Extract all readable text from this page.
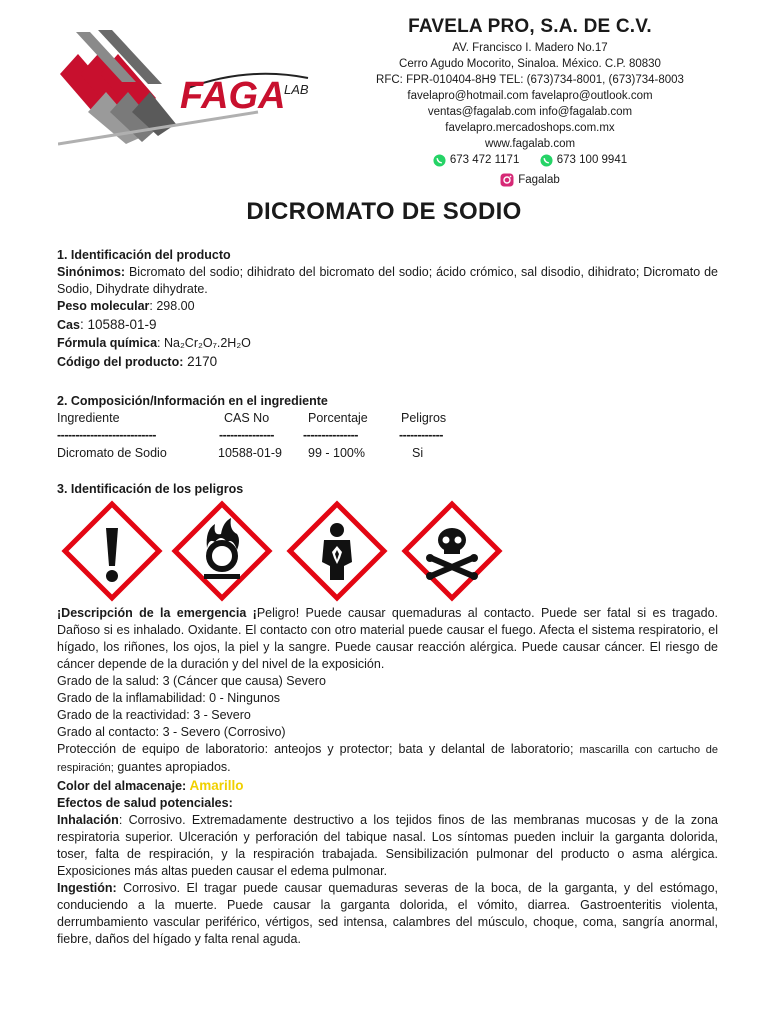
FAGA
LAB
FAVELA PRO, S.A. DE C.V.
AV. Francisco I. Madero No.17
Cerro Agudo Mocorito, Sinaloa. México. C.P. 80830
RFC: FPR-010404-8H9 TEL: (673)734-8001, (673)734-8003
favelapro@hotmail.com favelapro@outlook.com
ventas@fagalab.com info@fagalab.com
favelapro.mercadoshops.com.mx
www.fagalab.com
673 472 1171
	673 100 9941
Fagalab
DICROMATO DE SODIO
1. Identificación del producto
Sinónimos: Bicromato del sodio; dihidrato del bicromato del sodio; ácido crómico, sal disodio, dihidrato; Dicromato de Sodio, Dihydrate dihydrate.
Peso molecular: 298.00
Cas: 10588-01-9
Fórmula química: Na₂Cr₂O₇.2H₂O
Código del producto: 2170
2. Composición/Información en el ingrediente
Ingrediente	CAS No	Porcentaje	Peligros
---------------------------	--------------- ---------------	------------
Dicromato de Sodio	10588-01-9 99 - 100%	Si
3. Identificación de los peligros
¡Descripción de la emergencia ¡Peligro! Puede causar quemaduras al contacto. Puede ser fatal si es tragado. Dañoso si es inhalado. Oxidante. El contacto con otro material puede causar el fuego. Afecta el sistema respiratorio, el hígado, los riñones, los ojos, la piel y la sangre. Puede causar reacción alérgica. Puede causar cáncer. El riesgo de cáncer depende de la duración y del nivel de la exposición.
Grado de la salud: 3 (Cáncer que causa) Severo
Grado de la inflamabilidad: 0 - Ningunos
Grado de la reactividad: 3 - Severo
Grado al contacto: 3 - Severo (Corrosivo)
Protección de equipo de laboratorio: anteojos y protector; bata y delantal de laboratorio; mascarilla con cartucho de respiración; guantes apropiados.
Color del almacenaje: Amarillo
Efectos de salud potenciales:
Inhalación: Corrosivo. Extremadamente destructivo a los tejidos finos de las membranas mucosas y de la zona respiratoria superior. Ulceración y perforación del tabique nasal. Los síntomas pueden incluir la garganta dolorida, toser, falta de respiración, y la respiración trabajada. Sensibilización pulmonar del producto o asma alérgica. Exposiciones más altas pueden causar el edema pulmonar.
Ingestión: Corrosivo. El tragar puede causar quemaduras severas de la boca, de la garganta, y del estómago, conduciendo a la muerte. Puede causar la garganta dolorida, el vómito, diarrea. Gastroenteritis violenta, derrumbamiento vascular periférico, vértigos, sed intensa, calambres del músculo, choque, coma, sangría anormal, fiebre, daños del hígado y falta renal aguda.
